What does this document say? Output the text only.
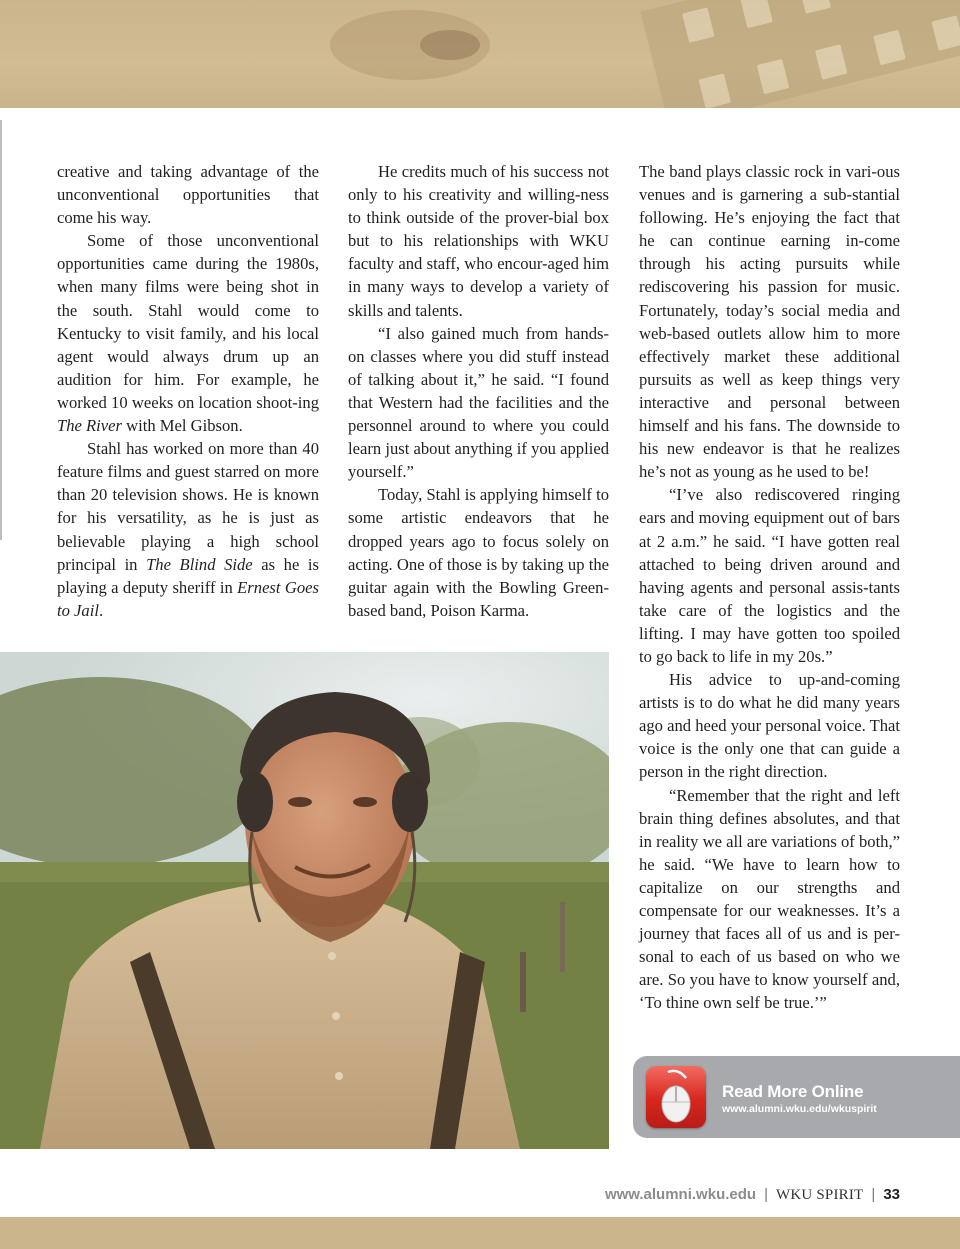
creative and taking advantage of the unconventional opportunities that come his way.

Some of those unconventional opportunities came during the 1980s, when many films were being shot in the south. Stahl would come to Kentucky to visit family, and his local agent would always drum up an audition for him. For example, he worked 10 weeks on location shoot-ing The River with Mel Gibson.

Stahl has worked on more than 40 feature films and guest starred on more than 20 television shows. He is known for his versatility, as he is just as believable playing a high school principal in The Blind Side as he is playing a deputy sheriff in Ernest Goes to Jail.

He credits much of his success not only to his creativity and willing-ness to think outside of the prover-bial box but to his relationships with WKU faculty and staff, who encour-aged him in many ways to develop a variety of skills and talents.

“I also gained much from hands-on classes where you did stuff instead of talking about it,” he said. “I found that Western had the facilities and the personnel around to where you could learn just about anything if you applied yourself.”

Today, Stahl is applying himself to some artistic endeavors that he dropped years ago to focus solely on acting. One of those is by taking up the guitar again with the Bowling Green-based band, Poison Karma.

The band plays classic rock in vari-ous venues and is garnering a sub-stantial following. He’s enjoying the fact that he can continue earning in-come through his acting pursuits while rediscovering his passion for music. Fortunately, today’s social media and web-based outlets allow him to more effectively market these additional pursuits as well as keep things very interactive and personal between himself and his fans. The downside to his new endeavor is that he realizes he’s not as young as he used to be!

“I’ve also rediscovered ringing ears and moving equipment out of bars at 2 a.m.” he said. “I have gotten real attached to being driven around and having agents and personal assis-tants take care of the logistics and the lifting. I may have gotten too spoiled to go back to life in my 20s.”

His advice to up-and-coming artists is to do what he did many years ago and heed your personal voice. That voice is the only one that can guide a person in the right direction.

“Remember that the right and left brain thing defines absolutes, and that in reality we all are variations of both,” he said. “We have to learn how to capitalize on our strengths and compensate for our weaknesses. It’s a journey that faces all of us and is per-sonal to each of us based on who we are. So you have to know yourself and, ‘To thine own self be true.’”

Read More Online
www.alumni.wku.edu/wkuspirit
www.alumni.wku.edu | WKU SPIRIT | 33
